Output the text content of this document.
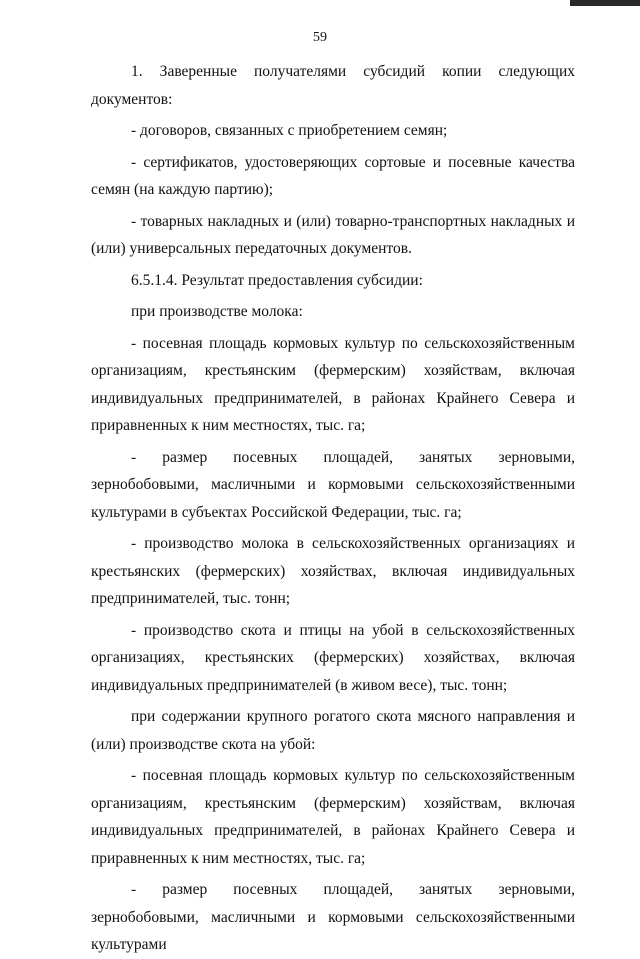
59

1. Заверенные получателями субсидий копии следующих документов:

- договоров, связанных с приобретением семян;

- сертификатов, удостоверяющих сортовые и посевные качества семян (на каждую партию);

- товарных накладных и (или) товарно-транспортных накладных и (или) универсальных передаточных документов.

6.5.1.4. Результат предоставления субсидии:

при производстве молока:

- посевная площадь кормовых культур по сельскохозяйственным организациям, крестьянским (фермерским) хозяйствам, включая индивидуальных предпринимателей, в районах Крайнего Севера и приравненных к ним местностях, тыс. га;

- размер посевных площадей, занятых зерновыми, зернобобовыми, масличными и кормовыми сельскохозяйственными культурами в субъектах Российской Федерации, тыс. га;

- производство молока в сельскохозяйственных организациях и крестьянских (фермерских) хозяйствах, включая индивидуальных предпринимателей, тыс. тонн;

- производство скота и птицы на убой в сельскохозяйственных организациях, крестьянских (фермерских) хозяйствах, включая индивидуальных предпринимателей (в живом весе), тыс. тонн;

при содержании крупного рогатого скота мясного направления и (или) производстве скота на убой:

- посевная площадь кормовых культур по сельскохозяйственным организациям, крестьянским (фермерским) хозяйствам, включая индивидуальных предпринимателей, в районах Крайнего Севера и приравненных к ним местностях, тыс. га;

- размер посевных площадей, занятых зерновыми, зернобобовыми, масличными и кормовыми сельскохозяйственными культурами
